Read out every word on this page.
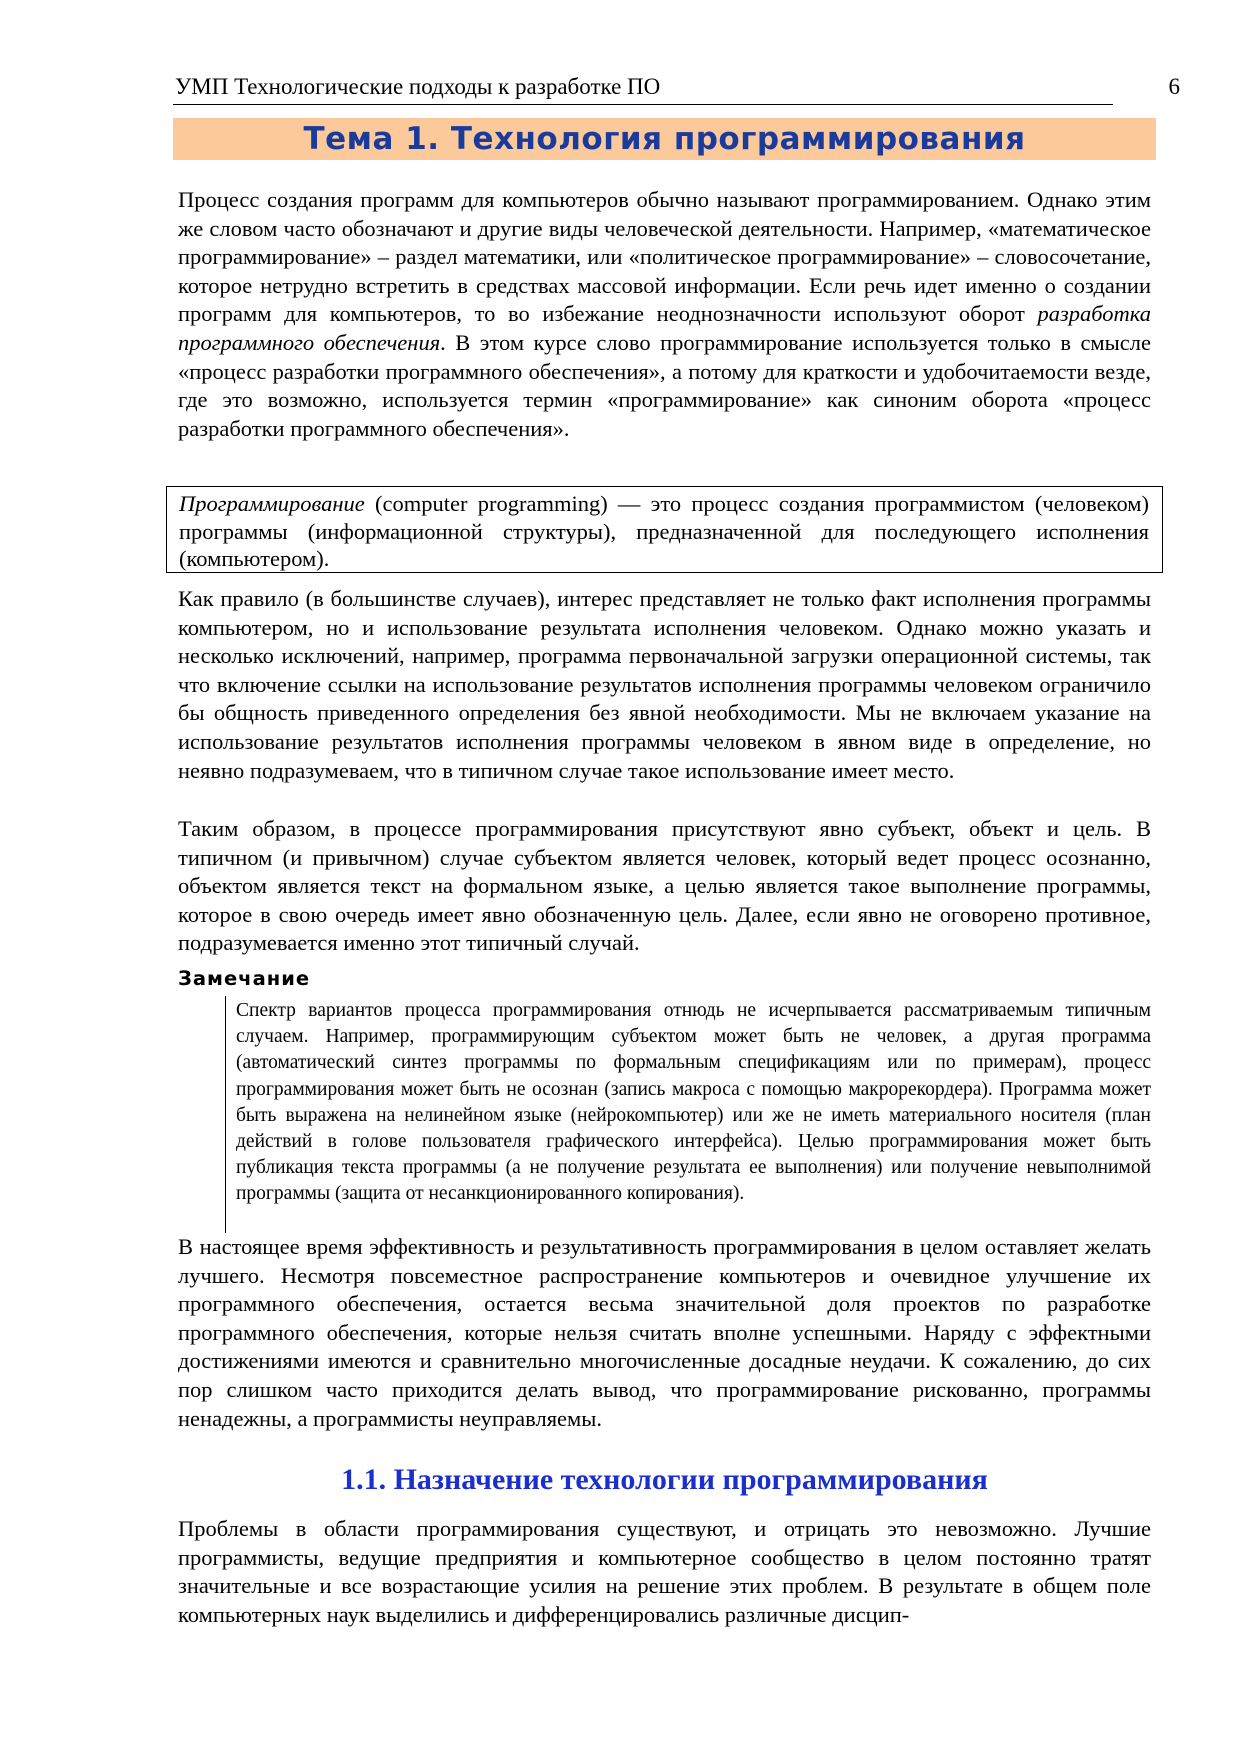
УМП Технологические подходы к разработке ПО	6
Тема 1. Технология программирования

Процесс создания программ для компьютеров обычно называют программированием. Однако этим же словом часто обозначают и другие виды человеческой деятельности. Например, «математическое программирование» – раздел математики, или «политическое программирование» – словосочетание, которое нетрудно встретить в средствах массовой информации. Если речь идет именно о создании программ для компьютеров, то во избежание неоднозначности используют оборот разработка программного обеспечения. В этом курсе слово программирование используется только в смысле «процесс разработки программного обеспечения», а потому для краткости и удобочитаемости везде, где это возможно, используется термин «программирование» как синоним оборота «процесс разработки программного обеспечения».

Программирование (computer programming) — это процесс создания программистом (человеком) программы (информационной структуры), предназначенной для последующего исполнения (компьютером).

Как правило (в большинстве случаев), интерес представляет не только факт исполнения программы компьютером, но и использование результата исполнения человеком. Однако можно указать и несколько исключений, например, программа первоначальной загрузки операционной системы, так что включение ссылки на использование результатов исполнения программы человеком ограничило бы общность приведенного определения без явной необходимости. Мы не включаем указание на использование результатов исполнения программы человеком в явном виде в определение, но неявно подразумеваем, что в типичном случае такое использование имеет место.

Таким образом, в процессе программирования присутствуют явно субъект, объект и цель. В типичном (и привычном) случае субъектом является человек, который ведет процесс осознанно, объектом является текст на формальном языке, а целью является такое выполнение программы, которое в свою очередь имеет явно обозначенную цель. Далее, если явно не оговорено противное, подразумевается именно этот типичный случай.

Замечание
Спектр вариантов процесса программирования отнюдь не исчерпывается рассматриваемым типичным случаем. Например, программирующим субъектом может быть не человек, а другая программа (автоматический синтез программы по формальным спецификациям или по примерам), процесс программирования может быть не осознан (запись макроса с помощью макрорекордера). Программа может быть выражена на нелинейном языке (нейрокомпьютер) или же не иметь материального носителя (план действий в голове пользователя графического интерфейса). Целью программирования может быть публикация текста программы (а не получение результата ее выполнения) или получение невыполнимой программы (защита от несанкционированного копирования).

В настоящее время эффективность и результативность программирования в целом оставляет желать лучшего. Несмотря повсеместное распространение компьютеров и очевидное улучшение их программного обеспечения, остается весьма значительной доля проектов по разработке программного обеспечения, которые нельзя считать вполне успешными. Наряду с эффектными достижениями имеются и сравнительно многочисленные досадные неудачи. К сожалению, до сих пор слишком часто приходится делать вывод, что программирование рискованно, программы ненадежны, а программисты неуправляемы.

1.1. Назначение технологии программирования

Проблемы в области программирования существуют, и отрицать это невозможно. Лучшие программисты, ведущие предприятия и компьютерное сообщество в целом постоянно тратят значительные и все возрастающие усилия на решение этих проблем. В результате в общем поле компьютерных наук выделились и дифференцировались различные дисцип-
